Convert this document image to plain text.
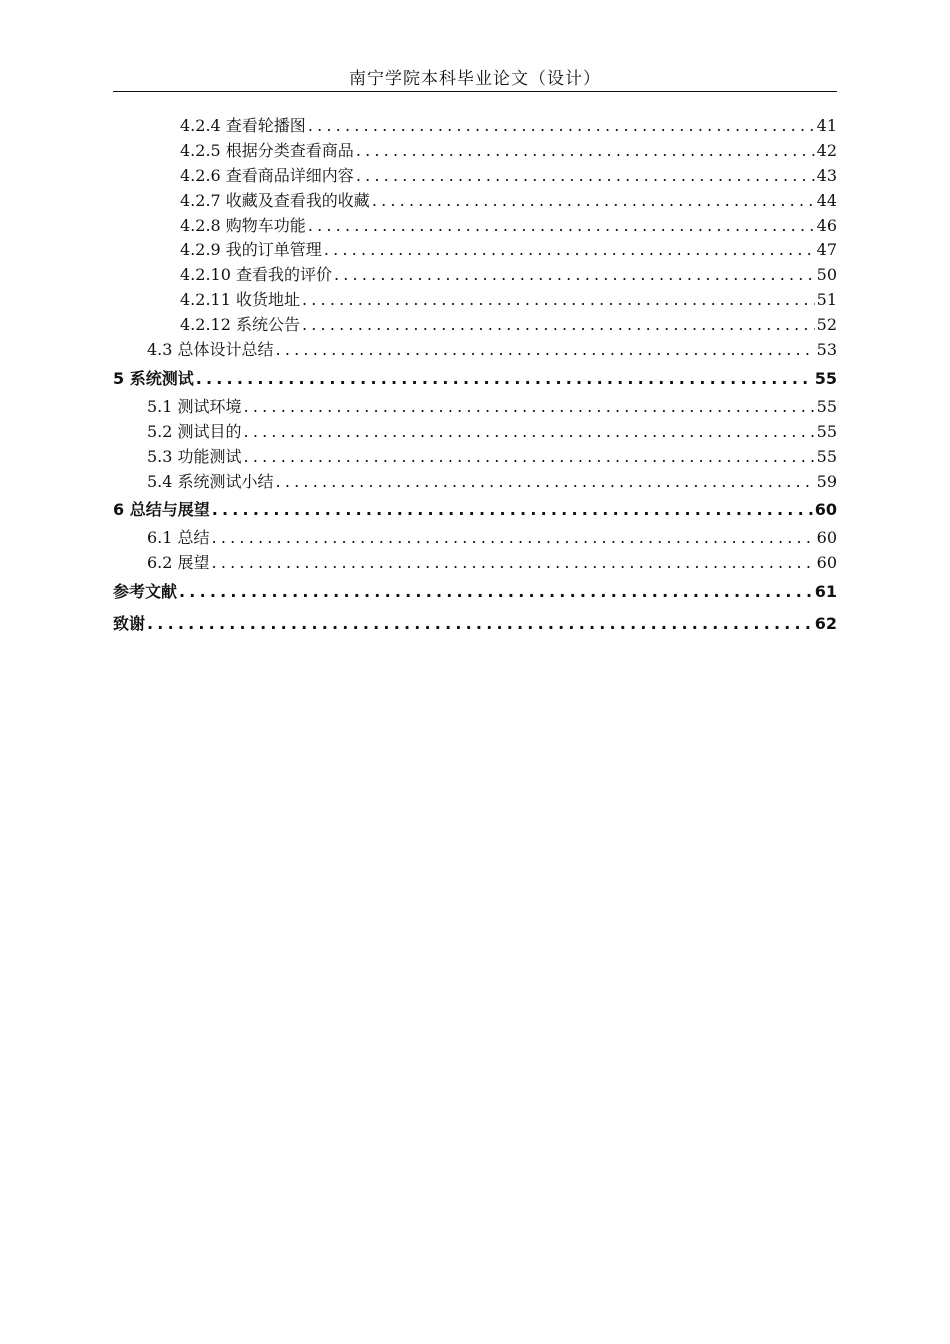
南宁学院本科毕业论文（设计）
4.2.4 查看轮播图 .....	41
4.2.5 根据分类查看商品 .....	42
4.2.6 查看商品详细内容 .....	43
4.2.7 收藏及查看我的收藏 .....	44
4.2.8 购物车功能 .....	46
4.2.9 我的订单管理 .....	47
4.2.10 查看我的评价 .....	50
4.2.11 收货地址 .....	51
4.2.12 系统公告 .....	52
4.3 总体设计总结 .....	53
5 系统测试 .....	55
5.1 测试环境 .....	55
5.2 测试目的 .....	55
5.3 功能测试 .....	55
5.4 系统测试小结 .....	59
6 总结与展望 .....	60
6.1 总结 .....	60
6.2 展望 .....	60
参考文献 .....	61
致谢 .....	62
